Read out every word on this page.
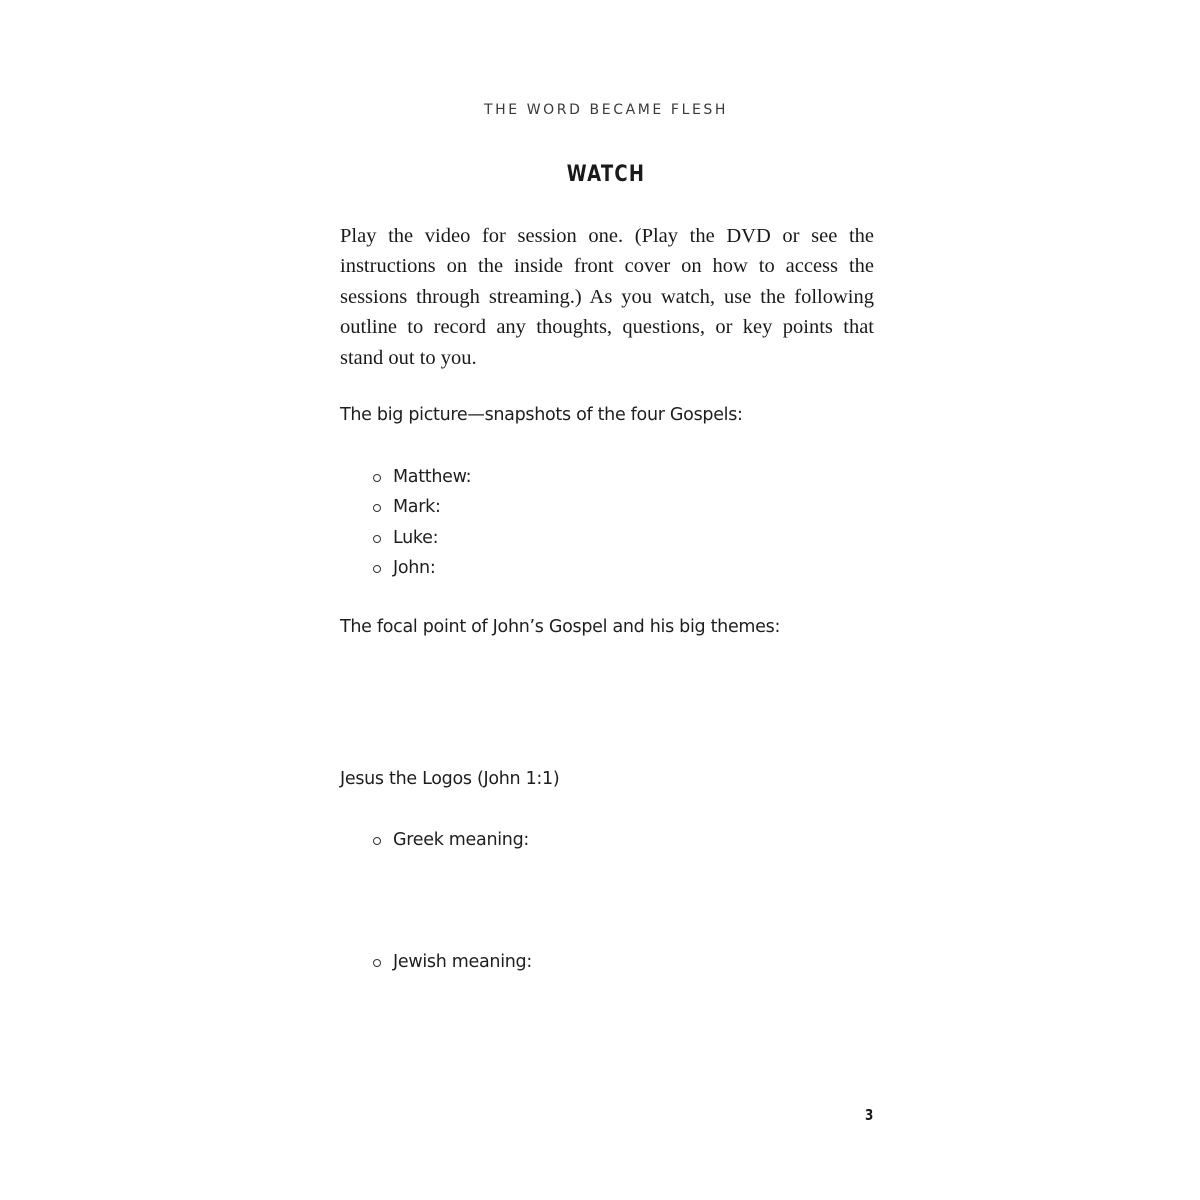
THE WORD BECAME FLESH
WATCH

Play the video for session one. (Play the DVD or see the instructions on the inside front cover on how to access the sessions through streaming.) As you watch, use the following outline to record any thoughts, questions, or key points that stand out to you.

The big picture—snapshots of the four Gospels:
Matthew:
Mark:
Luke:
John:
The focal point of John’s Gospel and his big themes:
Jesus the Logos (John 1:1)
Greek meaning:
Jewish meaning:
3
